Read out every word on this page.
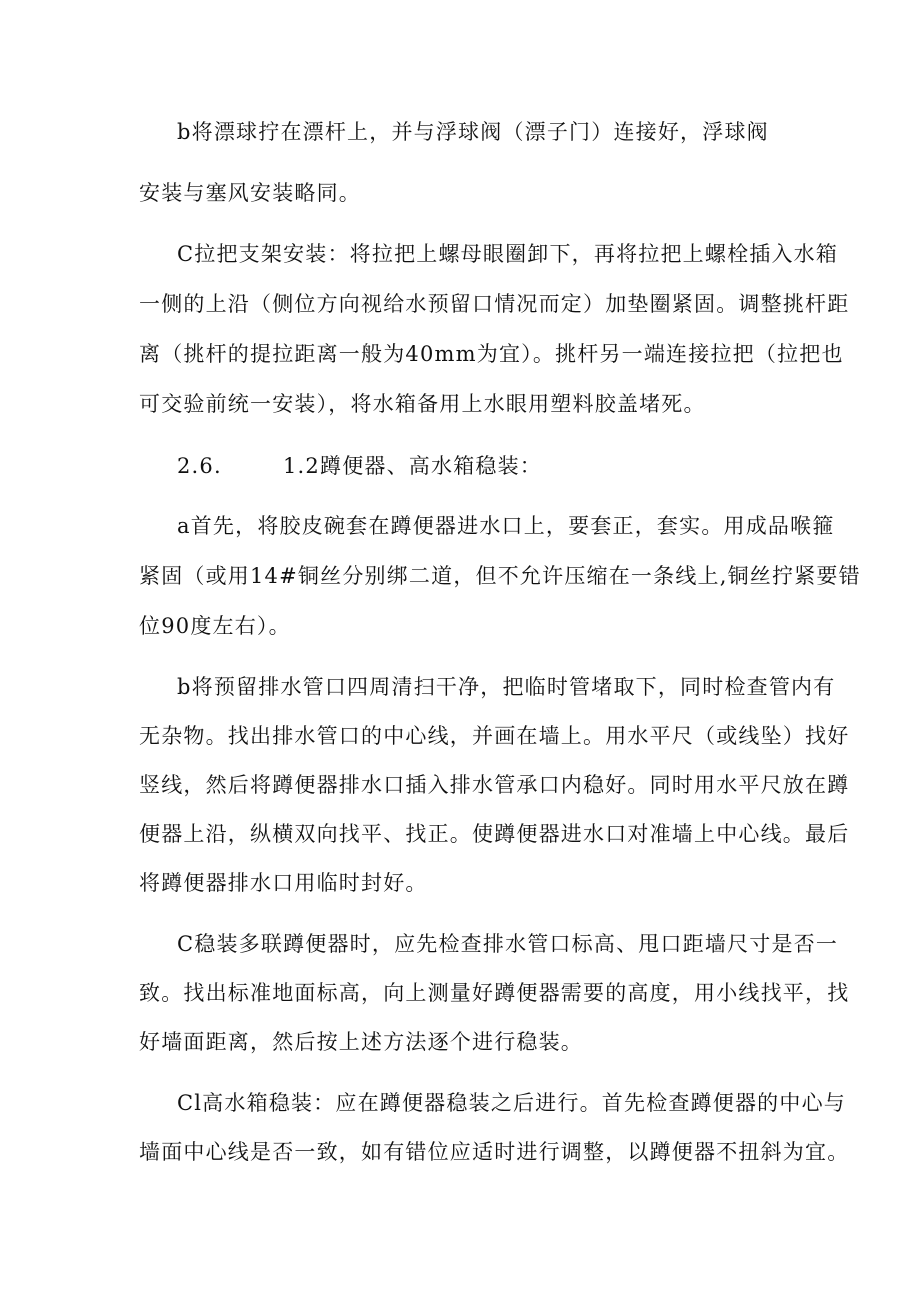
b将漂球拧在漂杆上，并与浮球阀（漂子门）连接好，浮球阀
安装与塞风安装略同。
C拉把支架安装：将拉把上螺母眼圈卸下，再将拉把上螺栓插入水箱
一侧的上沿（侧位方向视给水预留口情况而定）加垫圈紧固。调整挑杆距
离（挑杆的提拉距离一般为40mm为宜）。挑杆另一端连接拉把（拉把也
可交验前统一安装），将水箱备用上水眼用塑料胶盖堵死。
2.6.	1.2蹲便器、高水箱稳装：
a首先，将胶皮碗套在蹲便器进水口上，要套正，套实。用成品喉箍
紧固（或用14#铜丝分别绑二道，但不允许压缩在一条线上,铜丝拧紧要错
位90度左右）。
b将预留排水管口四周清扫干净，把临时管堵取下，同时检查管内有
无杂物。找出排水管口的中心线，并画在墙上。用水平尺（或线坠）找好
竖线，然后将蹲便器排水口插入排水管承口内稳好。同时用水平尺放在蹲
便器上沿，纵横双向找平、找正。使蹲便器进水口对准墙上中心线。最后
将蹲便器排水口用临时封好。
C稳装多联蹲便器时，应先检查排水管口标高、甩口距墙尺寸是否一
致。找出标准地面标高，向上测量好蹲便器需要的高度，用小线找平，找
好墙面距离，然后按上述方法逐个进行稳装。
Cl高水箱稳装：应在蹲便器稳装之后进行。首先检查蹲便器的中心与
墙面中心线是否一致，如有错位应适时进行调整，以蹲便器不扭斜为宜。
